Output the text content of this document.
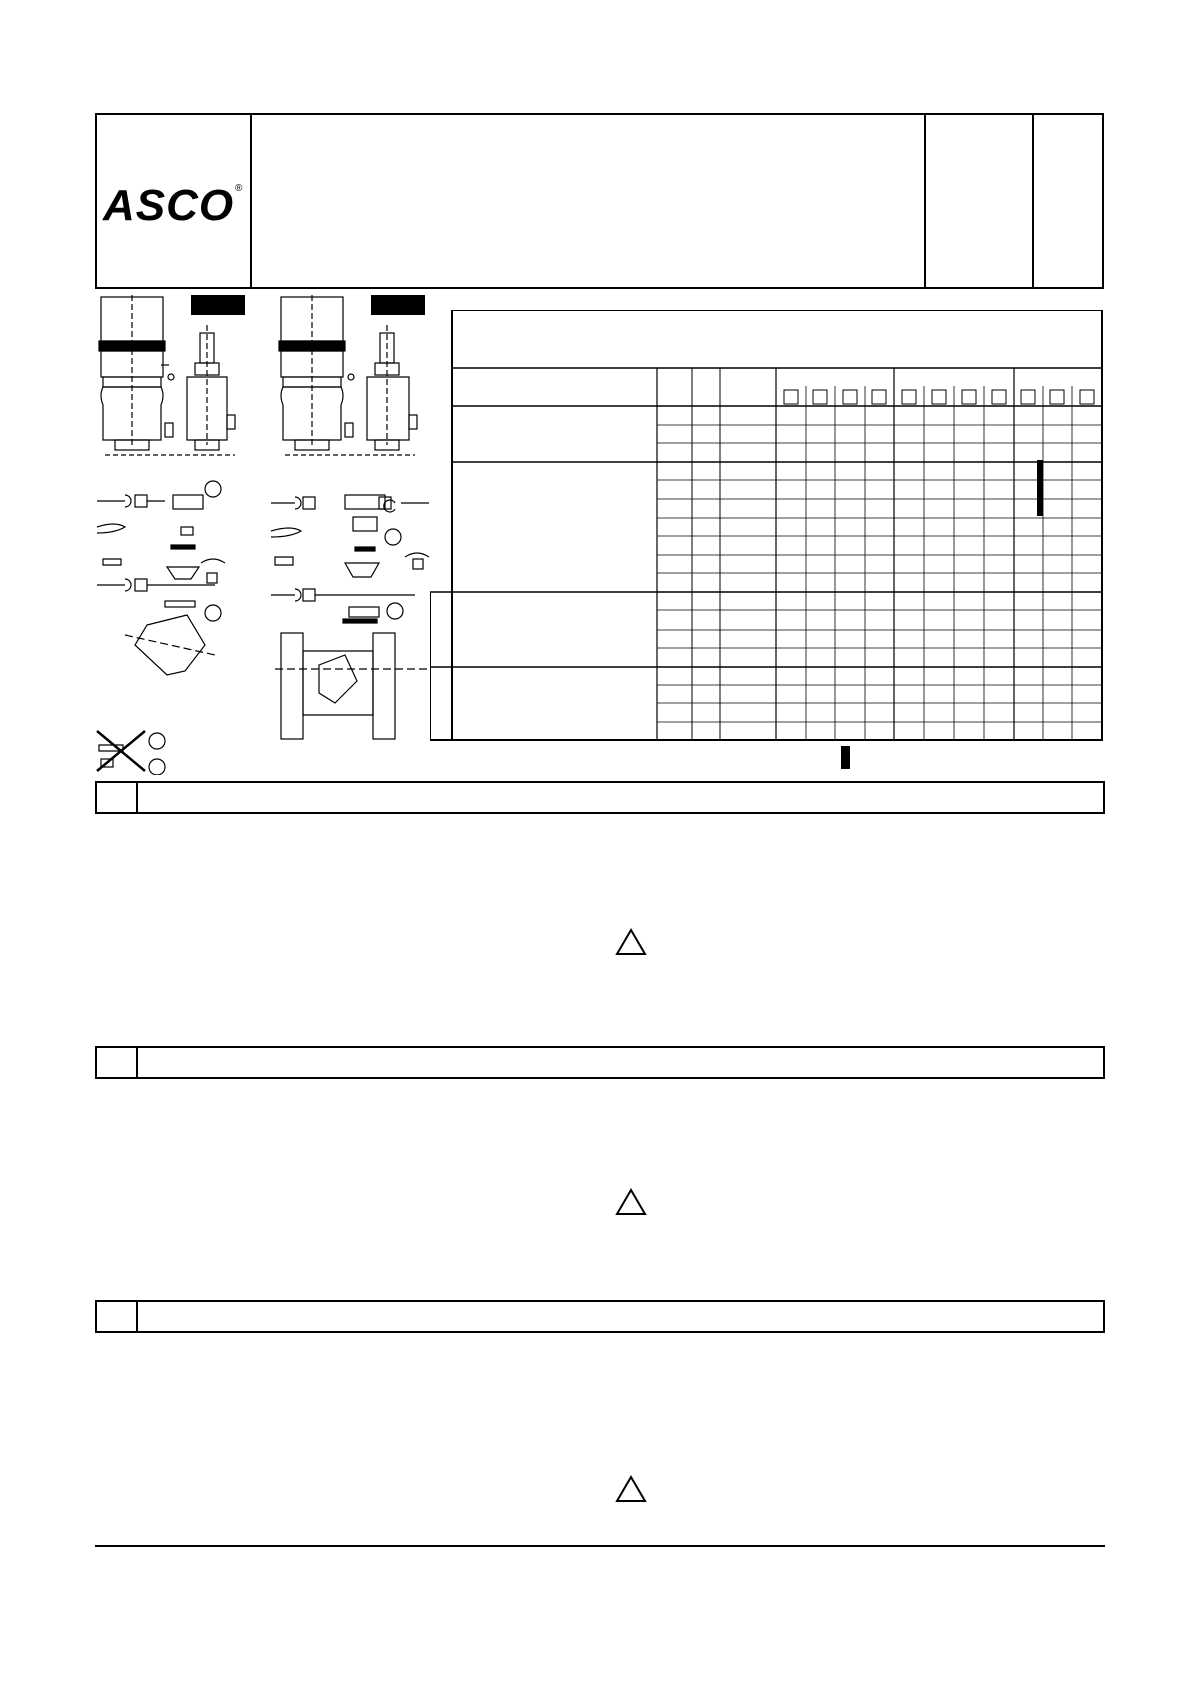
ASCO ®
